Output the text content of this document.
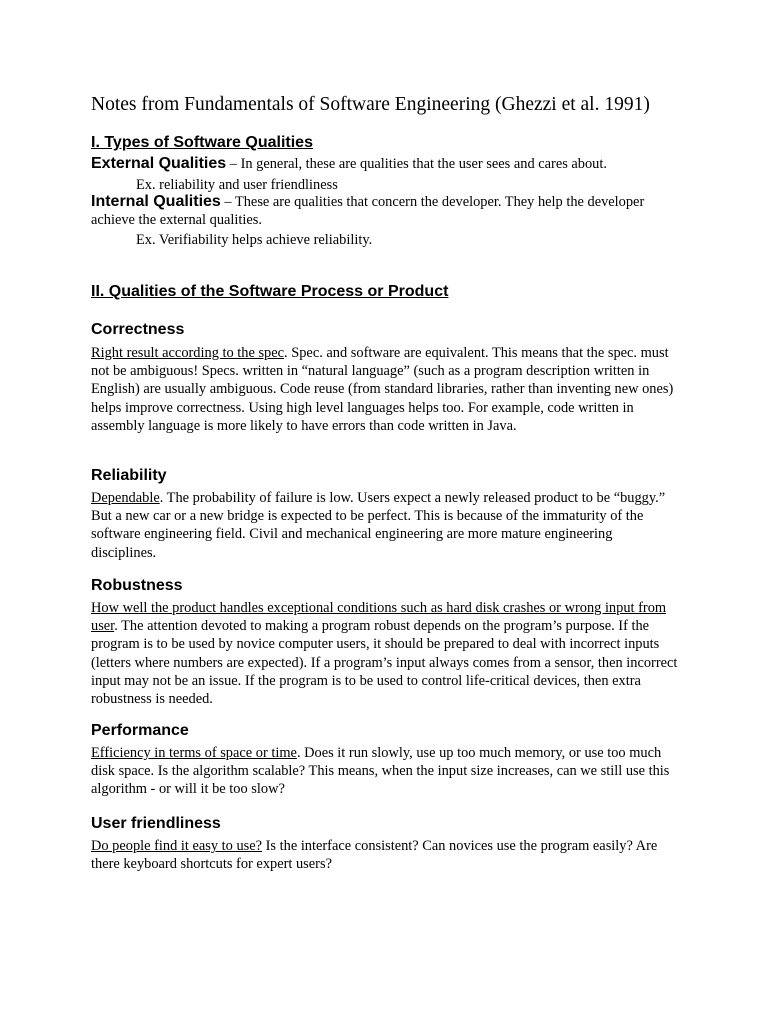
Notes from Fundamentals of Software Engineering (Ghezzi et al. 1991)
I. Types of Software Qualities
External Qualities – In general, these are qualities that the user sees and cares about.
Ex. reliability and user friendliness
Internal Qualities – These are qualities that concern the developer. They help the developer achieve the external qualities.
Ex. Verifiability helps achieve reliability.
II. Qualities of the Software Process or Product
Correctness
Right result according to the spec. Spec. and software are equivalent. This means that the spec. must not be ambiguous! Specs. written in “natural language” (such as a program description written in English) are usually ambiguous. Code reuse (from standard libraries, rather than inventing new ones) helps improve correctness. Using high level languages helps too. For example, code written in assembly language is more likely to have errors than code written in Java.
Reliability
Dependable. The probability of failure is low. Users expect a newly released product to be “buggy.” But a new car or a new bridge is expected to be perfect. This is because of the immaturity of the software engineering field. Civil and mechanical engineering are more mature engineering disciplines.
Robustness
How well the product handles exceptional conditions such as hard disk crashes or wrong input from user. The attention devoted to making a program robust depends on the program’s purpose. If the program is to be used by novice computer users, it should be prepared to deal with incorrect inputs (letters where numbers are expected). If a program’s input always comes from a sensor, then incorrect input may not be an issue. If the program is to be used to control life-critical devices, then extra robustness is needed.
Performance
Efficiency in terms of space or time. Does it run slowly, use up too much memory, or use too much disk space. Is the algorithm scalable? This means, when the input size increases, can we still use this algorithm - or will it be too slow?
User friendliness
Do people find it easy to use? Is the interface consistent? Can novices use the program easily? Are there keyboard shortcuts for expert users?
